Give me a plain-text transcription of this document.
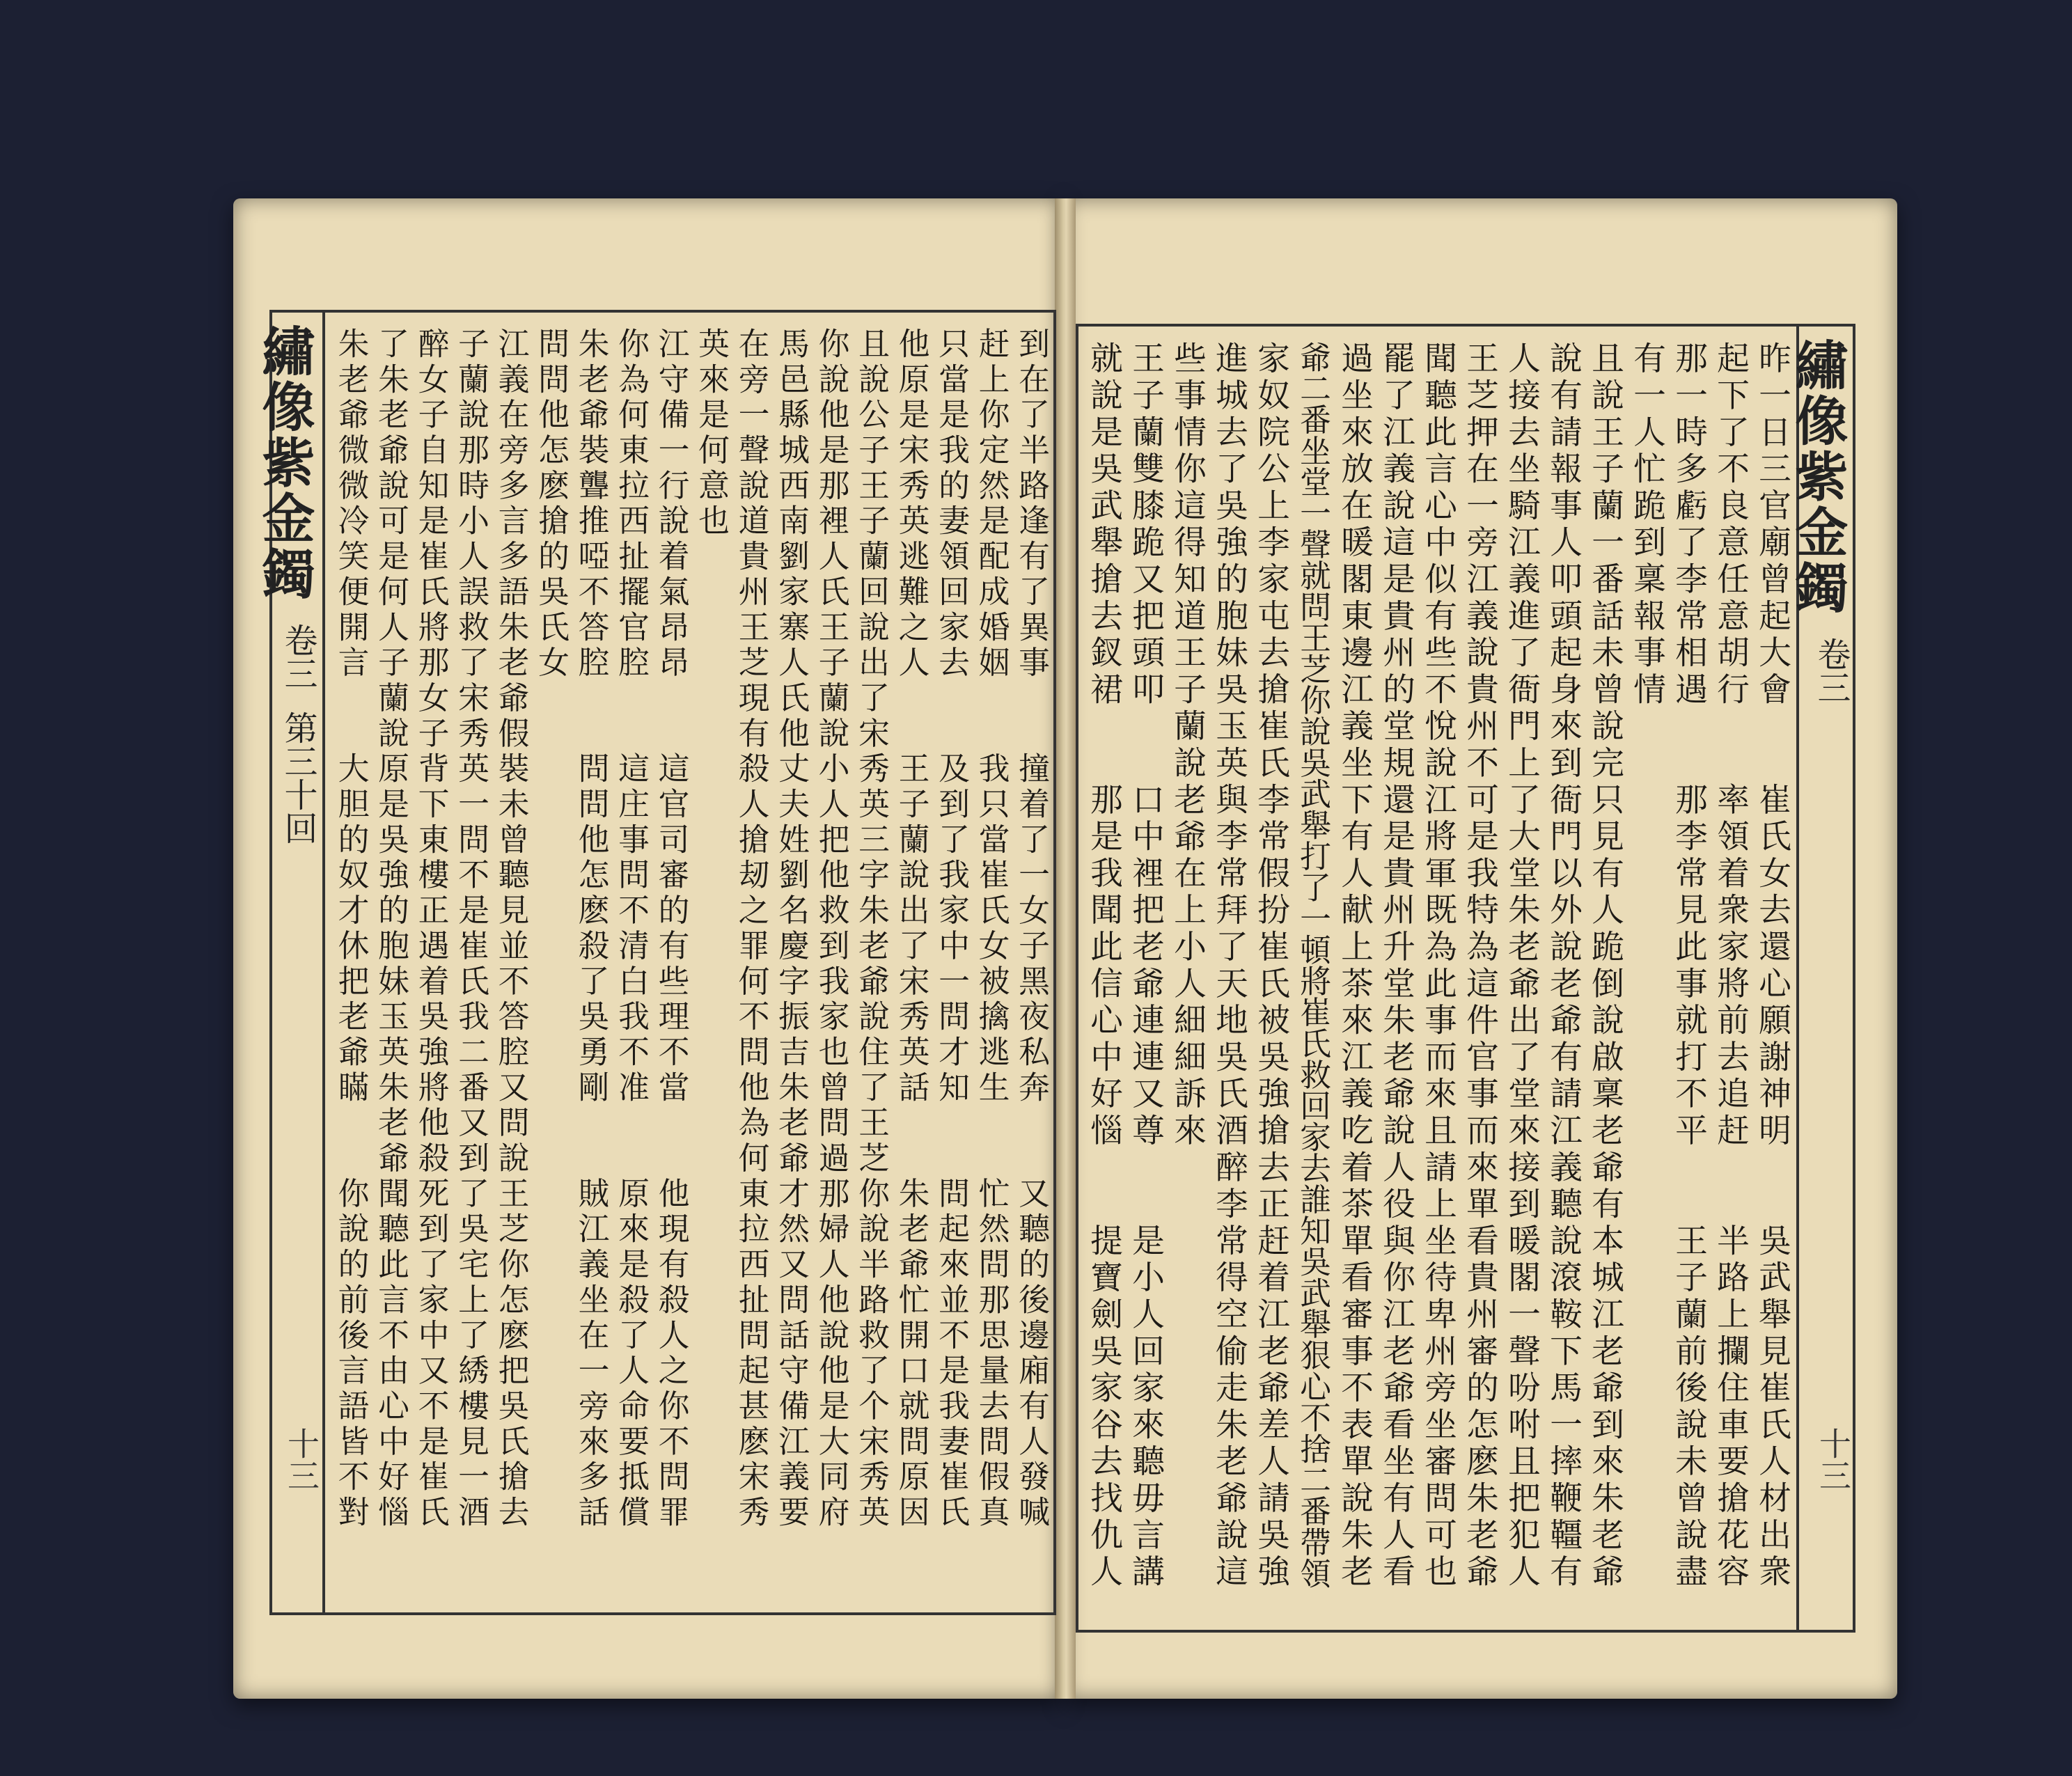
繡像紫金鐲
卷三
第三十回
十三
繡像紫金鐲
卷三
十三
到在了半路逢有了異事　　撞着了一女子黑夜私奔　　又聽的後邊廂有人發喊
赶上你定然是配成婚姻　　我只當崔氏女被擒逃生　　忙然問那思量去問假真
只當是我的妻領回家去　　及到了我家中一問才知　　問起來並不是我妻崔氏
他原是宋秀英逃難之人　　王子蘭說出了宋秀英話　　朱老爺忙開口就問原因
且說公子王子蘭回說出了宋秀英三字朱老爺說住了王芝你說半路救了个宋秀英
你說他是那裡人氏王子蘭說小人把他救到我家也曾問過那婦人他說他是大同府
馬邑縣城西南劉家寨人氏他丈夫姓劉名慶字振吉朱老爺才然又問話守備江義要
在旁一聲說道貴州王芝現有殺人搶刼之罪何不問他為何東拉西扯問起甚麽宋秀
英來是何意也
江守備一行說着氣昂昂　　這官司審的有些理不當　　他現有殺人之你不問罪
你為何東拉西扯擺官腔　　這庄事問不清白我不准　　原來是殺了人命要抵償
朱老爺裝聾推啞不答腔　　問問他怎麽殺了吳勇剛　　賊江義坐在一旁來多話
問問他怎麽搶的吳氏女
江義在旁多言多語朱老爺假裝未曾聽見並不答腔又問說王芝你怎麽把吳氏搶去
子蘭說那時小人誤救了宋秀英一問不是崔氏我二番又到了吳宅上了綉樓見一酒
醉女子自知是崔氏將那女子背下東樓正遇着吳強將他殺死到了家中又不是崔氏
了朱老爺說可是何人子蘭說原是吳強的胞妹玉英朱老爺聞聽此言不由心中好惱
朱老爺微微冷笑便開言　　大胆的奴才休把老爺瞞　　你說的前後言語皆不對	昨一日三官廟曾起大會　　崔氏女去還心願謝神明　　吳武舉見崔氏人材出衆
起下了不良意任意胡行　　率領着衆家將前去追赶　　半路上攔住車要搶花容
那一時多虧了李常相遇　　那李常見此事就打不平　　王子蘭前後說未曾說盡
有一人忙跪到稟報事情
且說王子蘭一番話未曾說完只見有人跪倒說啟稟老爺有本城江老爺到來朱老爺
說有請報事人叩頭起身來到衙門以外說老爺有請江義聽說滾鞍下馬一摔鞭韁有
人接去坐騎江義進了衙門上了大堂朱老爺出了堂來接到暖閣一聲吩咐且把犯人
王芝押在一旁江義說貴州不可是我特為這件官事而來單看貴州審的怎麽朱老爺
聞聽此言心中似有些不悅說江將軍既為此事而來且請上坐待卑州旁坐審問可也
罷了江義說這是貴州的堂規還是貴州升堂朱老爺說人役與你江老爺看坐有人看
過坐來放在暖閣東邊江義坐下有人献上茶來江義吃着茶單看審事不表單說朱老
爺二番坐堂一聲就問王芝你說吳武舉打了一頓將崔氏救回家去誰知吳武舉狠心不捨二番帶領
家奴院公上李家屯去搶崔氏李常假扮崔氏被吳強搶去正赶着江老爺差人請吳強
進城去了吳強的胞妹吳玉英與李常拜了天地吳氏酒醉李常得空偷走朱老爺說這
些事情你這得知道王子蘭說老爺在上小人細細訴來
王子蘭雙膝跪又把頭叩　　口中裡把老爺連連又尊　　是小人回家來聽毋言講
就說是吳武舉搶去釵裙　　那是我聞此信心中好惱　　提寶劍吳家谷去找仇人
